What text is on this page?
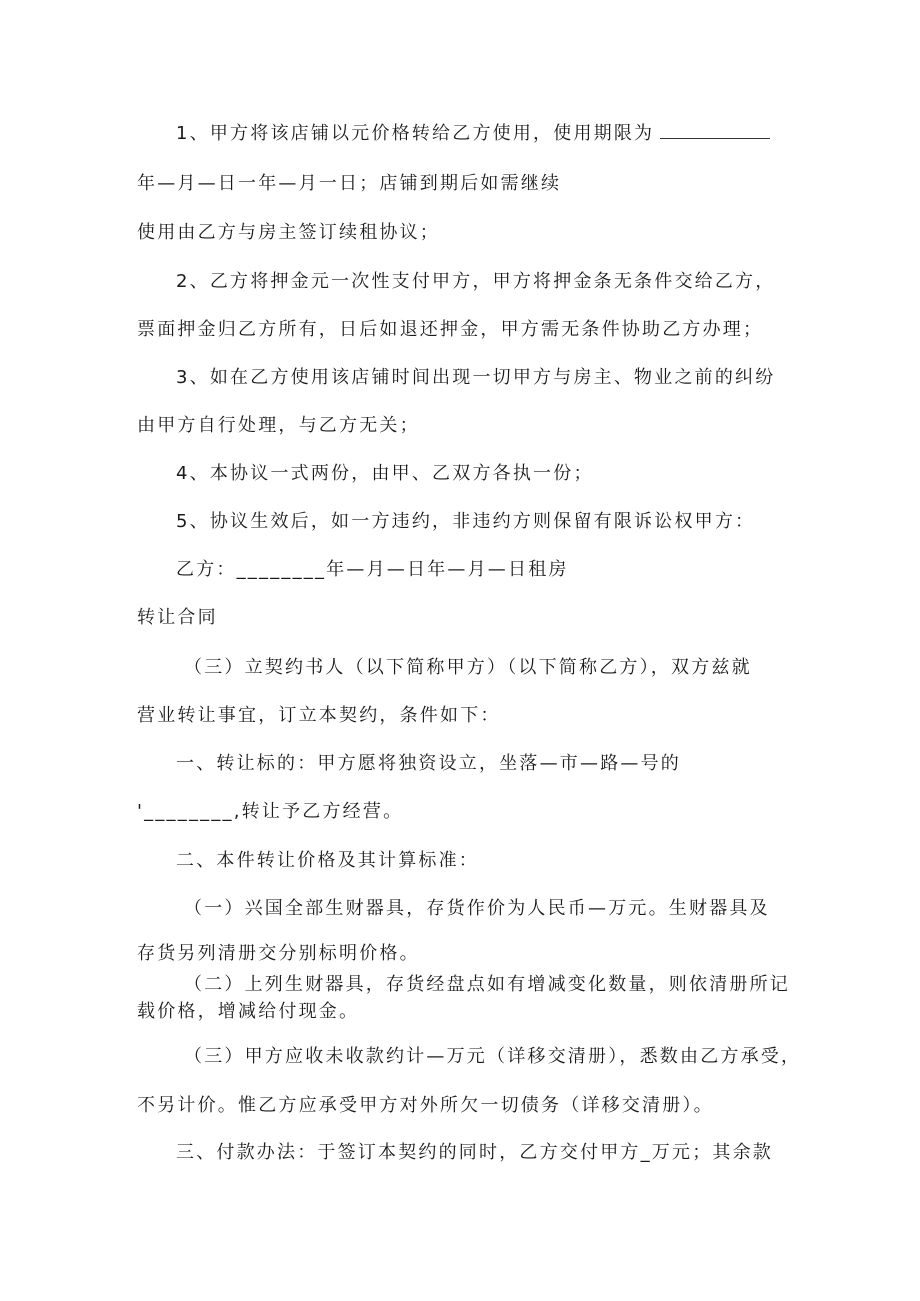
1、甲方将该店铺以元价格转给乙方使用，使用期限为
年—月—日一年—月一日；店铺到期后如需继续
使用由乙方与房主签订续租协议；
2、乙方将押金元一次性支付甲方，甲方将押金条无条件交给乙方，
票面押金归乙方所有，日后如退还押金，甲方需无条件协助乙方办理；
3、如在乙方使用该店铺时间出现一切甲方与房主、物业之前的纠纷
由甲方自行处理，与乙方无关；
4、本协议一式两份，由甲、乙双方各执一份；
5、协议生效后，如一方违约，非违约方则保留有限诉讼权甲方：
乙方：________年—月—日年—月—日租房
转让合同
（三）立契约书人（以下简称甲方）（以下简称乙方），双方兹就
营业转让事宜，订立本契约，条件如下：
一、转让标的：甲方愿将独资设立，坐落—市—路—号的
'________,转让予乙方经营。
二、本件转让价格及其计算标准：
（一）兴国全部生财器具，存货作价为人民币—万元。生财器具及
存货另列清册交分别标明价格。
（二）上列生财器具，存货经盘点如有增减变化数量，则依清册所记
载价格，增减给付现金。
（三）甲方应收未收款约计—万元（详移交清册），悉数由乙方承受，
不另计价。惟乙方应承受甲方对外所欠一切债务（详移交清册）。
三、付款办法：于签订本契约的同时，乙方交付甲方_万元；其余款
